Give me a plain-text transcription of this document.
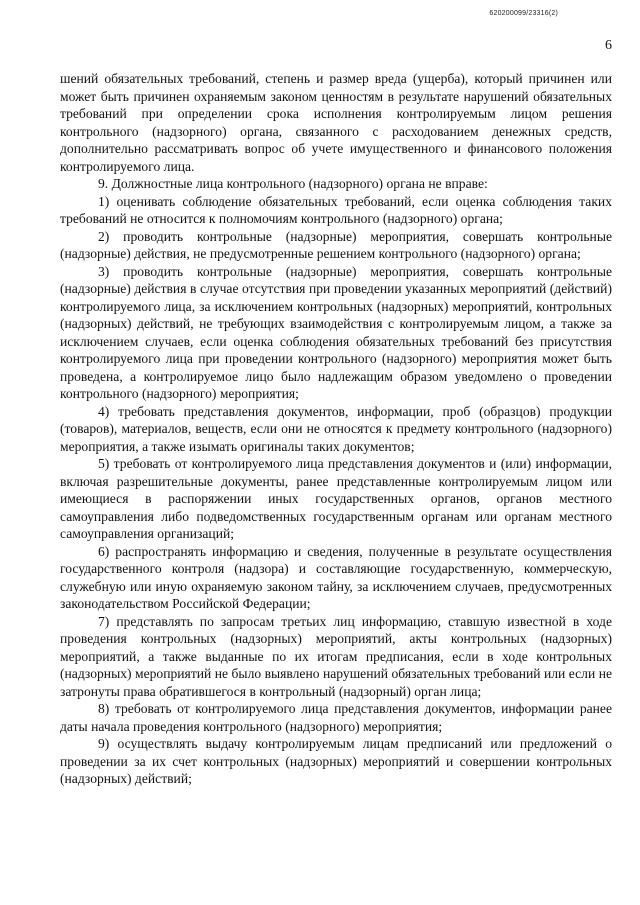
620200099/23316(2)
6

шений обязательных требований, степень и размер вреда (ущерба), который причинен или может быть причинен охраняемым законом ценностям в результате нарушений обязательных требований при определении срока исполнения контролируемым лицом решения контрольного (надзорного) органа, связанного с расходованием денежных средств, дополнительно рассматривать вопрос об учете имущественного и финансового положения контролируемого лица.

9. Должностные лица контрольного (надзорного) органа не вправе:

1) оценивать соблюдение обязательных требований, если оценка соблюдения таких требований не относится к полномочиям контрольного (надзорного) органа;

2) проводить контрольные (надзорные) мероприятия, совершать контрольные (надзорные) действия, не предусмотренные решением контрольного (надзорного) органа;

3) проводить контрольные (надзорные) мероприятия, совершать контрольные (надзорные) действия в случае отсутствия при проведении указанных мероприятий (действий) контролируемого лица, за исключением контрольных (надзорных) мероприятий, контрольных (надзорных) действий, не требующих взаимодействия с контролируемым лицом, а также за исключением случаев, если оценка соблюдения обязательных требований без присутствия контролируемого лица при проведении контрольного (надзорного) мероприятия может быть проведена, а контролируемое лицо было надлежащим образом уведомлено о проведении контрольного (надзорного) мероприятия;

4) требовать представления документов, информации, проб (образцов) продукции (товаров), материалов, веществ, если они не относятся к предмету контрольного (надзорного) мероприятия, а также изымать оригиналы таких документов;

5) требовать от контролируемого лица представления документов и (или) информации, включая разрешительные документы, ранее представленные контролируемым лицом или имеющиеся в распоряжении иных государственных органов, органов местного самоуправления либо подведомственных государственным органам или органам местного самоуправления организаций;

6) распространять информацию и сведения, полученные в результате осуществления государственного контроля (надзора) и составляющие государственную, коммерческую, служебную или иную охраняемую законом тайну, за исключением случаев, предусмотренных законодательством Российской Федерации;

7) представлять по запросам третьих лиц информацию, ставшую известной в ходе проведения контрольных (надзорных) мероприятий, акты контрольных (надзорных) мероприятий, а также выданные по их итогам предписания, если в ходе контрольных (надзорных) мероприятий не было выявлено нарушений обязательных требований или если не затронуты права обратившегося в контрольный (надзорный) орган лица;

8) требовать от контролируемого лица представления документов, информации ранее даты начала проведения контрольного (надзорного) мероприятия;

9) осуществлять выдачу контролируемым лицам предписаний или предложений о проведении за их счет контрольных (надзорных) мероприятий и совершении контрольных (надзорных) действий;
